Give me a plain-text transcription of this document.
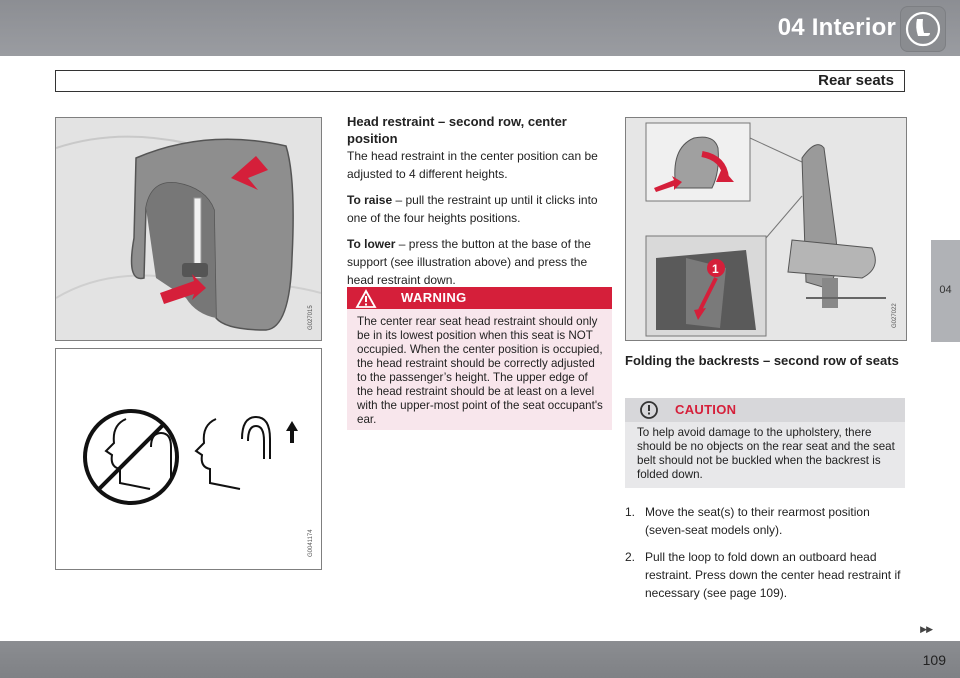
04 Interior
Rear seats
04
G027015
G0041174
Head restraint – second row, center position

The head restraint in the center position can be adjusted to 4 different heights.

To raise – pull the restraint up until it clicks into one of the four heights positions.

To lower – press the button at the base of the support (see illustration above) and press the head restraint down.

WARNING
The center rear seat head restraint should only be in its lowest position when this seat is NOT occupied. When the center position is occupied, the head restraint should be correctly adjusted to the passenger’s height. The upper edge of the head restraint should be at least on a level with the upper-most point of the seat occupant's ear.
1
G027022
Folding the backrests – second row of seats
CAUTION
To help avoid damage to the upholstery, there should be no objects on the rear seat and the seat belt should not be buckled when the backrest is folded down.
1. Move the seat(s) to their rearmost position (seven-seat models only).
2. Pull the loop to fold down an outboard head restraint. Press down the center head restraint if necessary (see page 109).
▶▶
109
